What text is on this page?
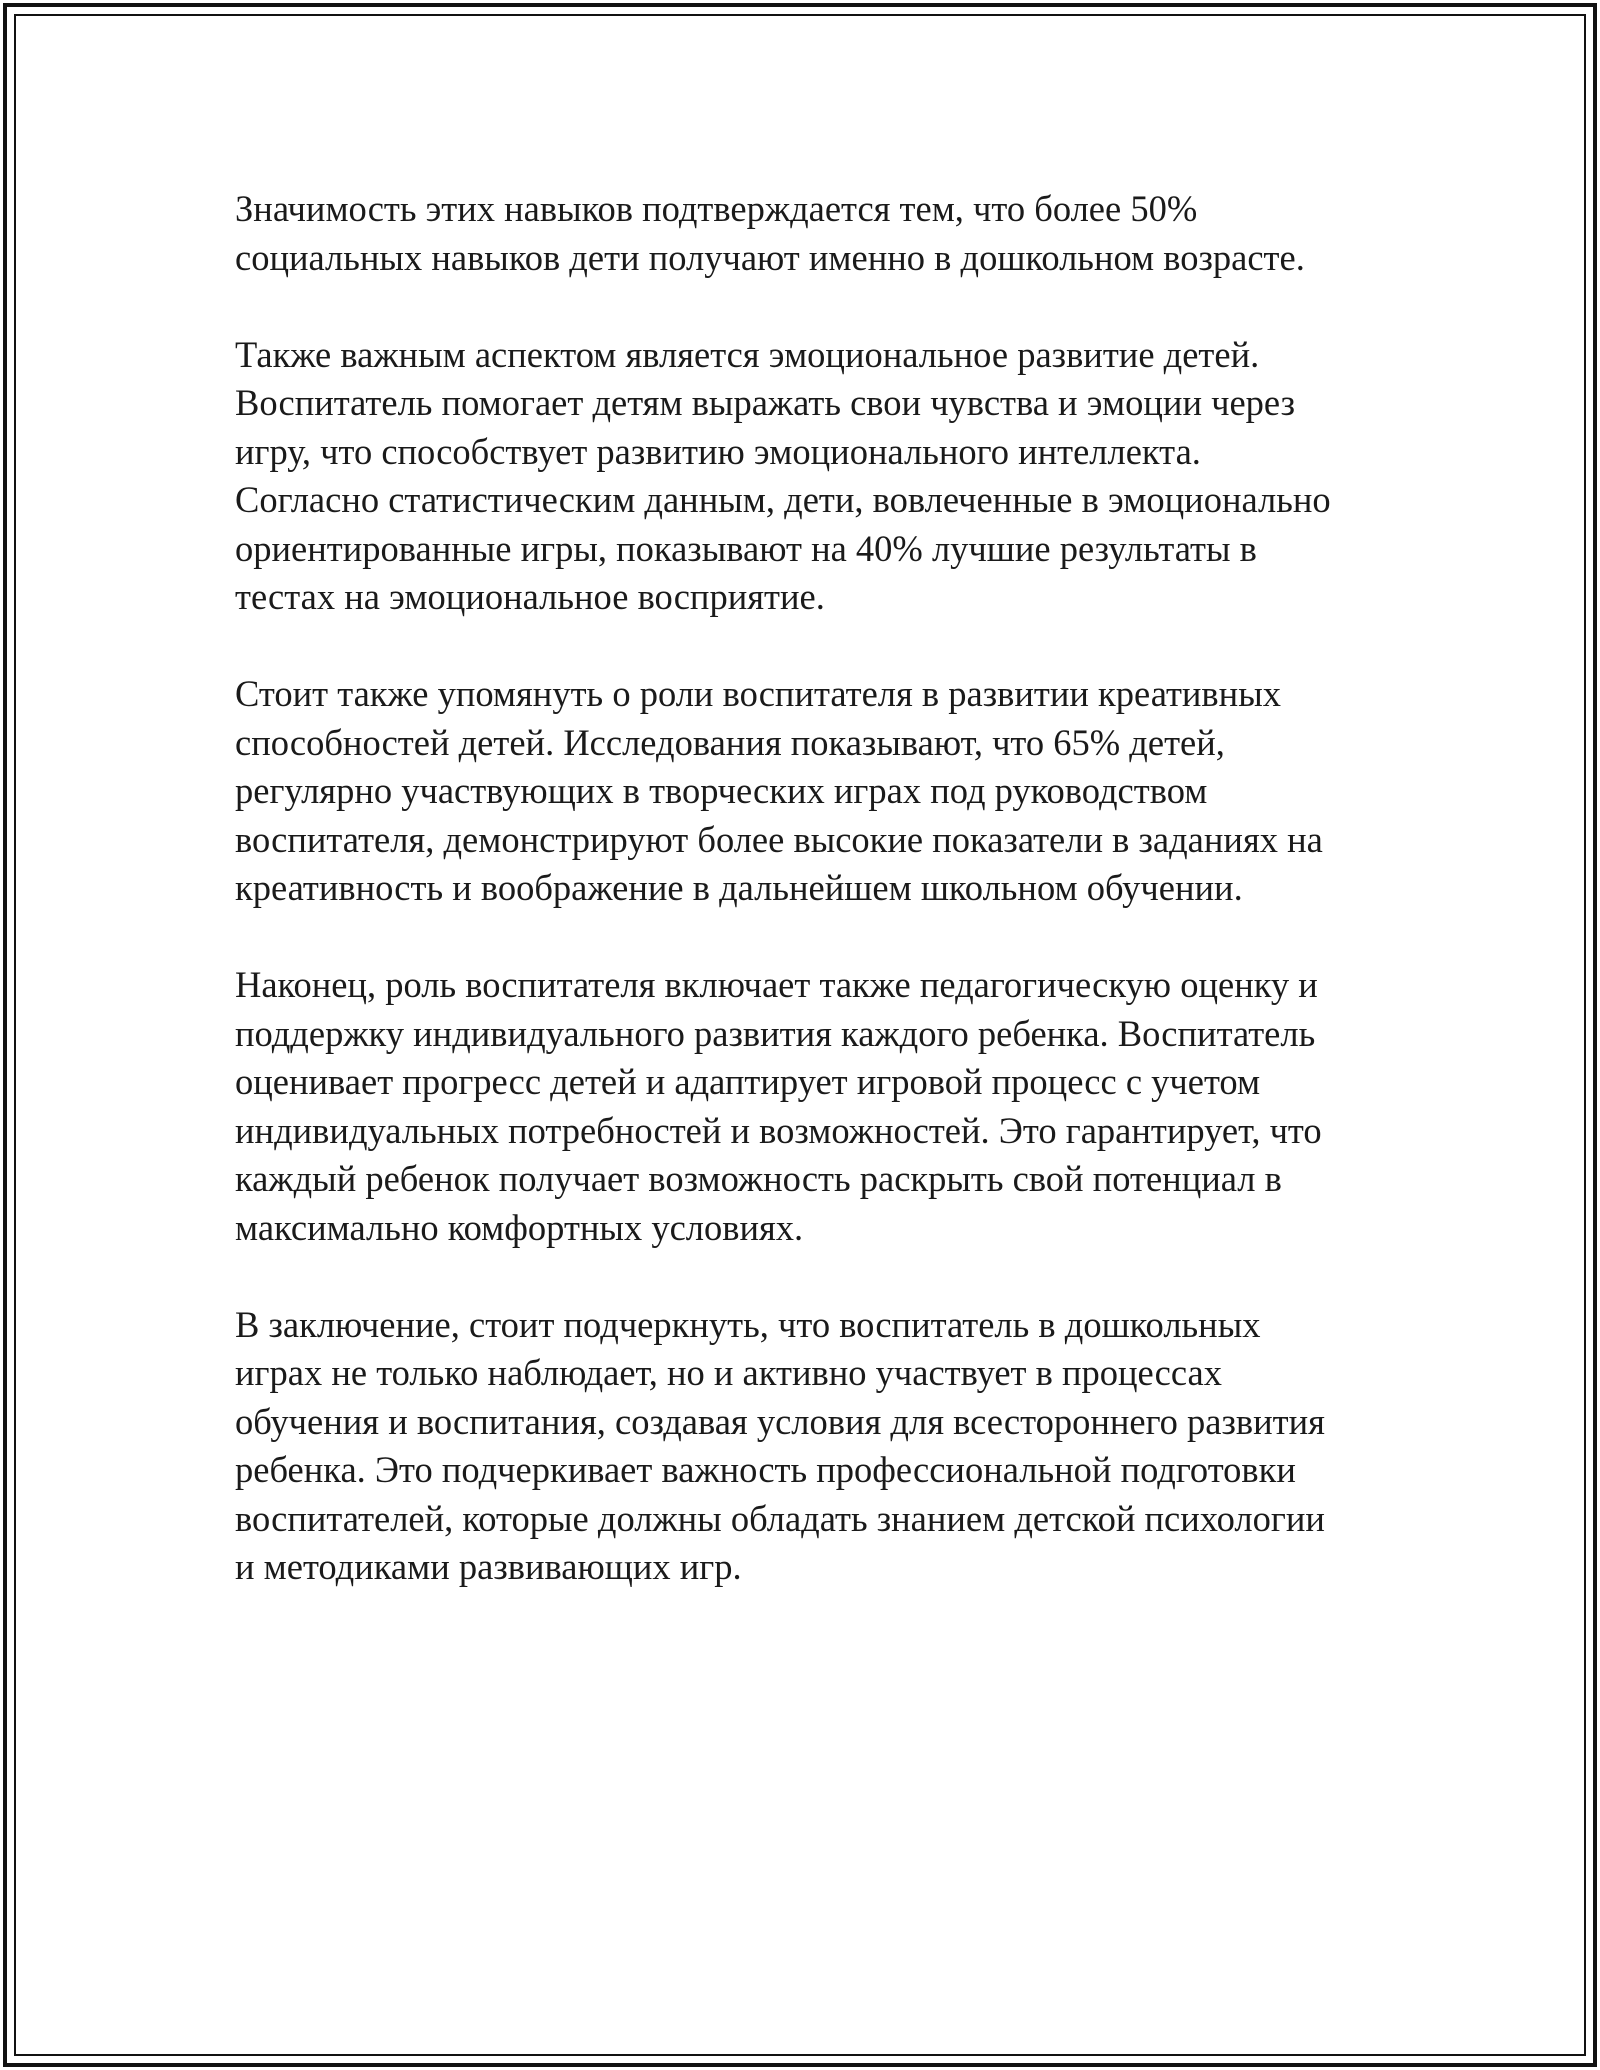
Значимость этих навыков подтверждается тем, что более 50%
социальных навыков дети получают именно в дошкольном возрасте.

Также важным аспектом является эмоциональное развитие детей.
Воспитатель помогает детям выражать свои чувства и эмоции через
игру, что способствует развитию эмоционального интеллекта.
Согласно статистическим данным, дети, вовлеченные в эмоционально
ориентированные игры, показывают на 40% лучшие результаты в
тестах на эмоциональное восприятие.

Стоит также упомянуть о роли воспитателя в развитии креативных
способностей детей. Исследования показывают, что 65% детей,
регулярно участвующих в творческих играх под руководством
воспитателя, демонстрируют более высокие показатели в заданиях на
креативность и воображение в дальнейшем школьном обучении.

Наконец, роль воспитателя включает также педагогическую оценку и
поддержку индивидуального развития каждого ребенка. Воспитатель
оценивает прогресс детей и адаптирует игровой процесс с учетом
индивидуальных потребностей и возможностей. Это гарантирует, что
каждый ребенок получает возможность раскрыть свой потенциал в
максимально комфортных условиях.

В заключение, стоит подчеркнуть, что воспитатель в дошкольных
играх не только наблюдает, но и активно участвует в процессах
обучения и воспитания, создавая условия для всестороннего развития
ребенка. Это подчеркивает важность профессиональной подготовки
воспитателей, которые должны обладать знанием детской психологии
и методиками развивающих игр.
